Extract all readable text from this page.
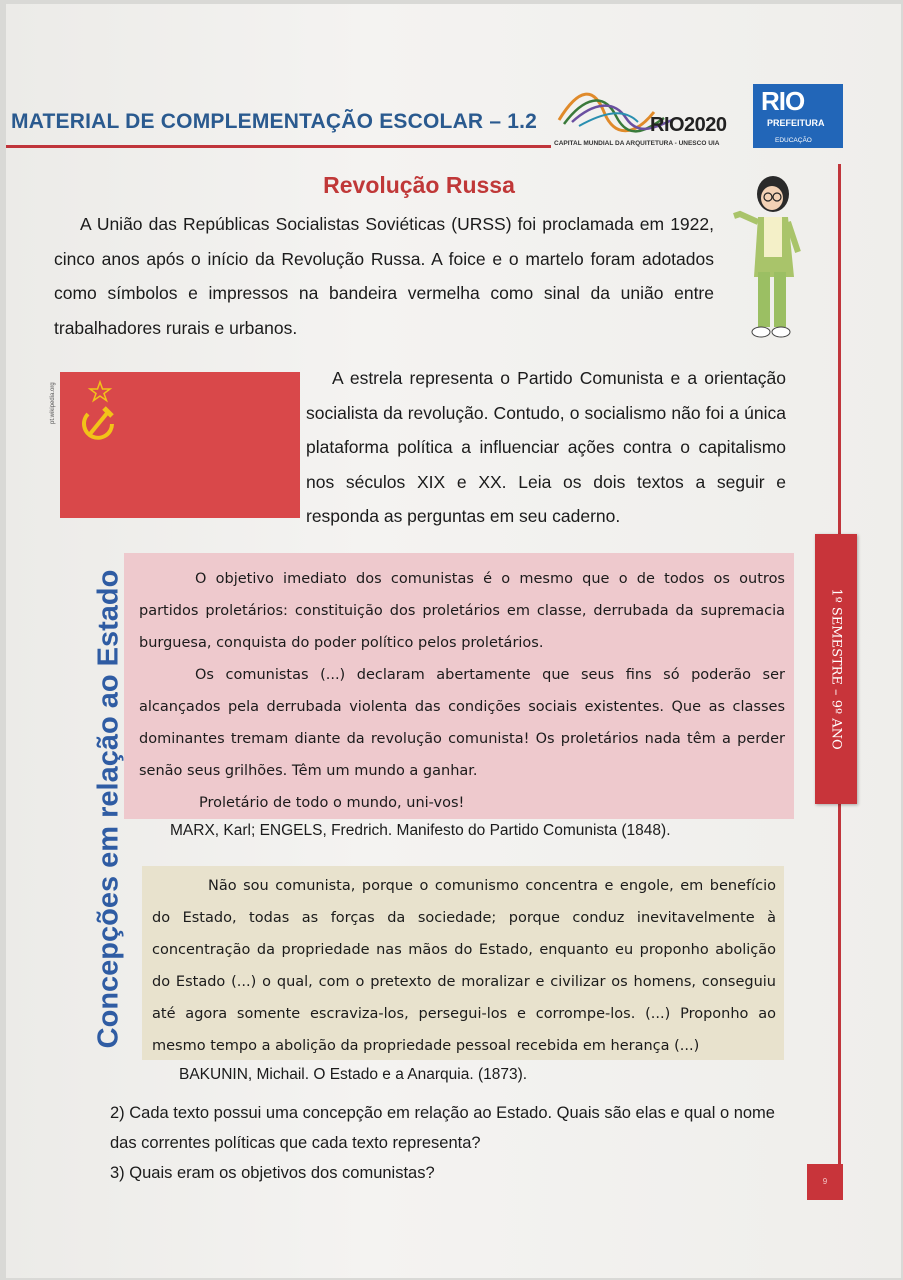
MATERIAL DE COMPLEMENTAÇÃO ESCOLAR – 1.2	RIO2020
CAPITAL MUNDIAL DA ARQUITETURA - UNESCO UIA
RIO
PREFEITURA
EDUCAÇÃO
1º SEMESTRE – 9º ANO
9
Revolução Russa
A União das Repúblicas Socialistas Soviéticas (URSS) foi proclamada em 1922, cinco anos após o início da Revolução Russa. A foice e o martelo foram adotados como símbolos e impressos na bandeira vermelha como sinal da união entre trabalhadores rurais e urbanos.
pt.wikipedia.org
A estrela representa o Partido Comunista e a orientação socialista da revolução. Contudo, o socialismo não foi a única plataforma política a influenciar ações contra o capitalismo nos séculos XIX e XX. Leia os dois textos a seguir e responda as perguntas em seu caderno.
Concepções em relação ao Estado	O objetivo imediato dos comunistas é o mesmo que o de todos os outros partidos proletários: constituição dos proletários em classe, derrubada da supremacia burguesa, conquista do poder político pelos proletários.
Os comunistas (...) declaram abertamente que seus fins só poderão ser alcançados pela derrubada violenta das condições sociais existentes. Que as classes dominantes tremam diante da revolução comunista! Os proletários nada têm a perder senão seus grilhões. Têm um mundo a ganhar.
Proletário de todo o mundo, uni-vos!
MARX, Karl; ENGELS, Fredrich. Manifesto do Partido Comunista (1848).
Não sou comunista, porque o comunismo concentra e engole, em benefício do Estado, todas as forças da sociedade; porque conduz inevitavelmente à concentração da propriedade nas mãos do Estado, enquanto eu proponho abolição do Estado (...) o qual, com o pretexto de moralizar e civilizar os homens, conseguiu até agora somente escraviza-los, persegui-los e corrompe-los. (...) Proponho ao mesmo tempo a abolição da propriedade pessoal recebida em herança (...)
BAKUNIN, Michail. O Estado e a Anarquia. (1873).
2) Cada texto possui uma concepção em relação ao Estado. Quais são elas e qual o nome das correntes políticas que cada texto representa?
3) Quais eram os objetivos dos comunistas?
